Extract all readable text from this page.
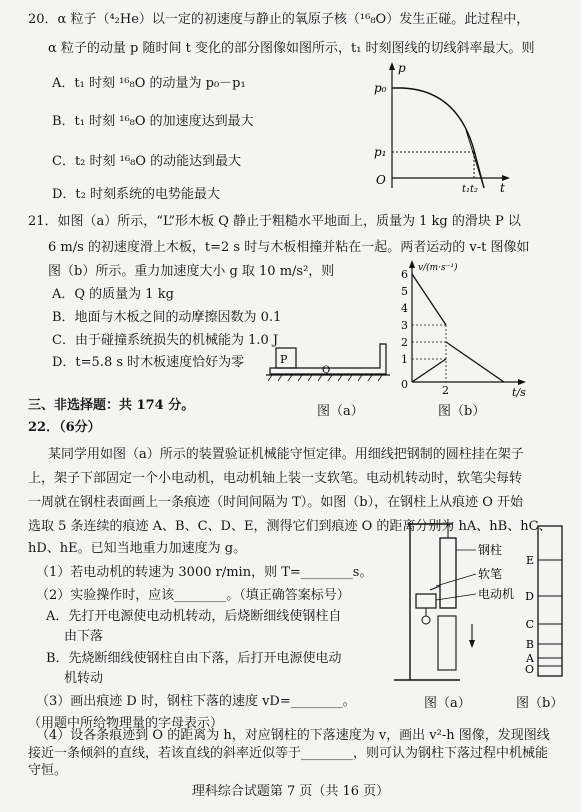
20．α 粒子（⁴₂He）以一定的初速度与静止的氧原子核（¹⁶₈O）发生正碰。此过程中，
α 粒子的动量 p 随时间 t 变化的部分图像如图所示，t₁ 时刻图线的切线斜率最大。则
A．t₁ 时刻 ¹⁶₈O 的动量为 p₀－p₁
B．t₁ 时刻 ¹⁶₈O 的加速度达到最大
C．t₂ 时刻 ¹⁶₈O 的动能达到最大
D．t₂ 时刻系统的电势能最大
p
p₀
p₁
O
t
t₁t₂
21．如图（a）所示，“L”形木板 Q 静止于粗糙水平地面上，质量为 1 kg 的滑块 P 以
6 m/s 的初速度滑上木板，t=2 s 时与木板相撞并粘在一起。两者运动的 v-t 图像如
图（b）所示。重力加速度大小 g 取 10 m/s²，则
A．Q 的质量为 1 kg
B．地面与木板之间的动摩擦因数为 0.1
C．由于碰撞系统损失的机械能为 1.0 J
D．t=5.8 s 时木板速度恰好为零	P
Q
图（a）
6
5
4
3
2
1
0	2
v/(m·s⁻¹)
t/s
图（b）
三、非选择题：共 174 分。
22．（6分）
某同学用如图（a）所示的装置验证机械能守恒定律。用细线把钢制的圆柱挂在架子
上，架子下部固定一个小电动机，电动机轴上装一支软笔。电动机转动时，软笔尖每转
一周就在钢柱表面画上一条痕迹（时间间隔为 T）。如图（b），在钢柱上从痕迹 O 开始
选取 5 条连续的痕迹 A、B、C、D、E，测得它们到痕迹 O 的距离分别为 hA、hB、hC、
hD、hE。已知当地重力加速度为 g。
（1）若电动机的转速为 3000 r/min，则 T=________s。
（2）实验操作时，应该________。（填正确答案标号）
A．先打开电源使电动机转动，后烧断细线使钢柱自
由下落
B．先烧断细线使钢柱自由下落，后打开电源使电动
机转动
（3）画出痕迹 D 时，钢柱下落的速度 vD=________。
（用题中所给物理量的字母表示）
（4）设各条痕迹到 O 的距离为 h，对应钢柱的下落速度为 v，画出 v²-h 图像，发现图线
接近一条倾斜的直线，若该直线的斜率近似等于________，则可认为钢柱下落过程中机械能
钢柱
软笔
电动机
E
D
C
B
A
O
图（a）	图（b）
理科综合试题第 7 页（共 16 页）
守恒。
